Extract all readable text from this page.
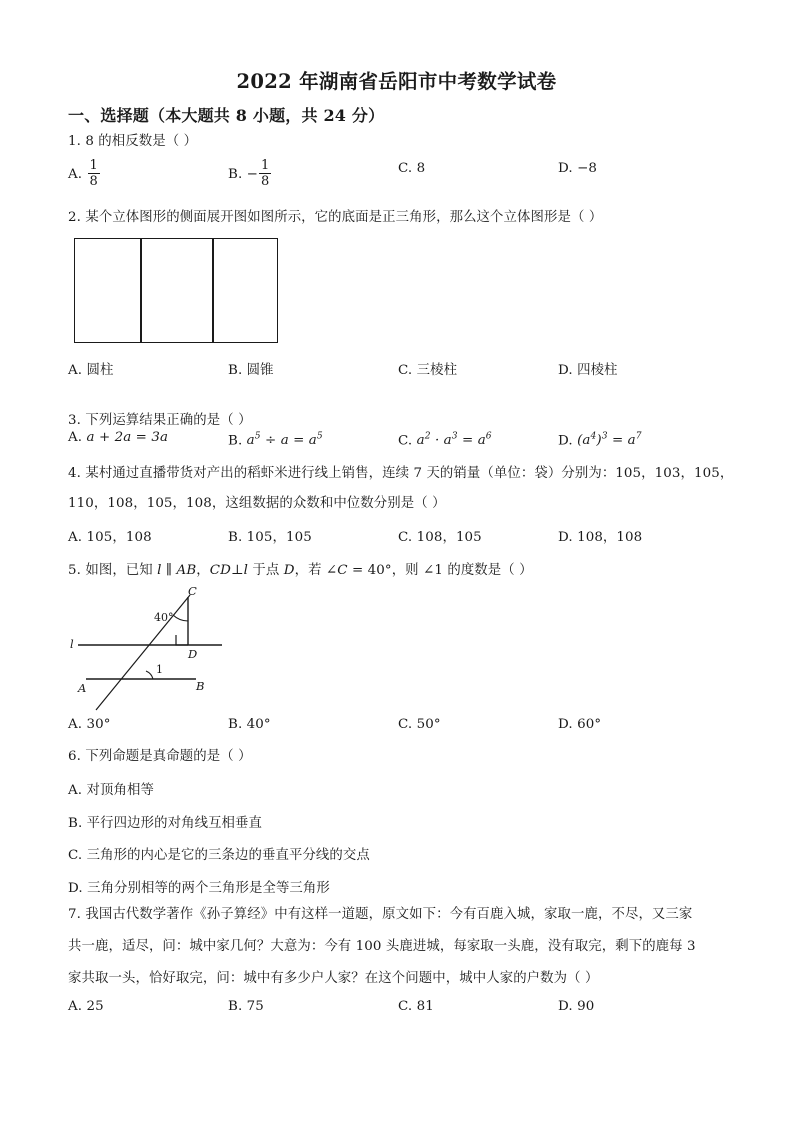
2022 年湖南省岳阳市中考数学试卷
一、选择题（本大题共 8 小题，共 24 分）
1. 8 的相反数是（ ）
A. $\frac{1}{8}$	B. − $\frac{1}{8}$	C. 8	D. −8
2. 某个立体图形的侧面展开图如图所示，它的底面是正三角形，那么这个立体图形是（ ）
A. 圆柱	B. 圆锥	C. 三棱柱	D. 四棱柱
3. 下列运算结果正确的是（ ）
A. a + 2a = 3a	B. $a^5 \div a = a^5$	C. $a^2 \cdot a^3 = a^6$	D. $(a^4)^3 = a^7$
4. 某村通过直播带货对产出的稻虾米进行线上销售，连续 7 天的销量（单位：袋）分别为：105，103，105，
110，108，105，108，这组数据的众数和中位数分别是（ ）
A. 105，108	B. 105，105	C. 108，105	D. 108，108
5. 如图，已知 l ∥ AB，CD⊥l 于点 D，若 ∠C = 40°，则 ∠1 的度数是（ ）
C
D
l
A	B
40°
1
A. 30°	B. 40°	C. 50°	D. 60°
6. 下列命题是真命题的是（ ）
A. 对顶角相等
B. 平行四边形的对角线互相垂直
C. 三角形的内心是它的三条边的垂直平分线的交点
D. 三角分别相等的两个三角形是全等三角形
7. 我国古代数学著作《孙子算经》中有这样一道题，原文如下：今有百鹿入城，家取一鹿，不尽，又三家
共一鹿，适尽，问：城中家几何？大意为：今有 100 头鹿进城，每家取一头鹿，没有取完，剩下的鹿每 3
家共取一头，恰好取完，问：城中有多少户人家？在这个问题中，城中人家的户数为（ ）
A. 25	B. 75	C. 81	D. 90
